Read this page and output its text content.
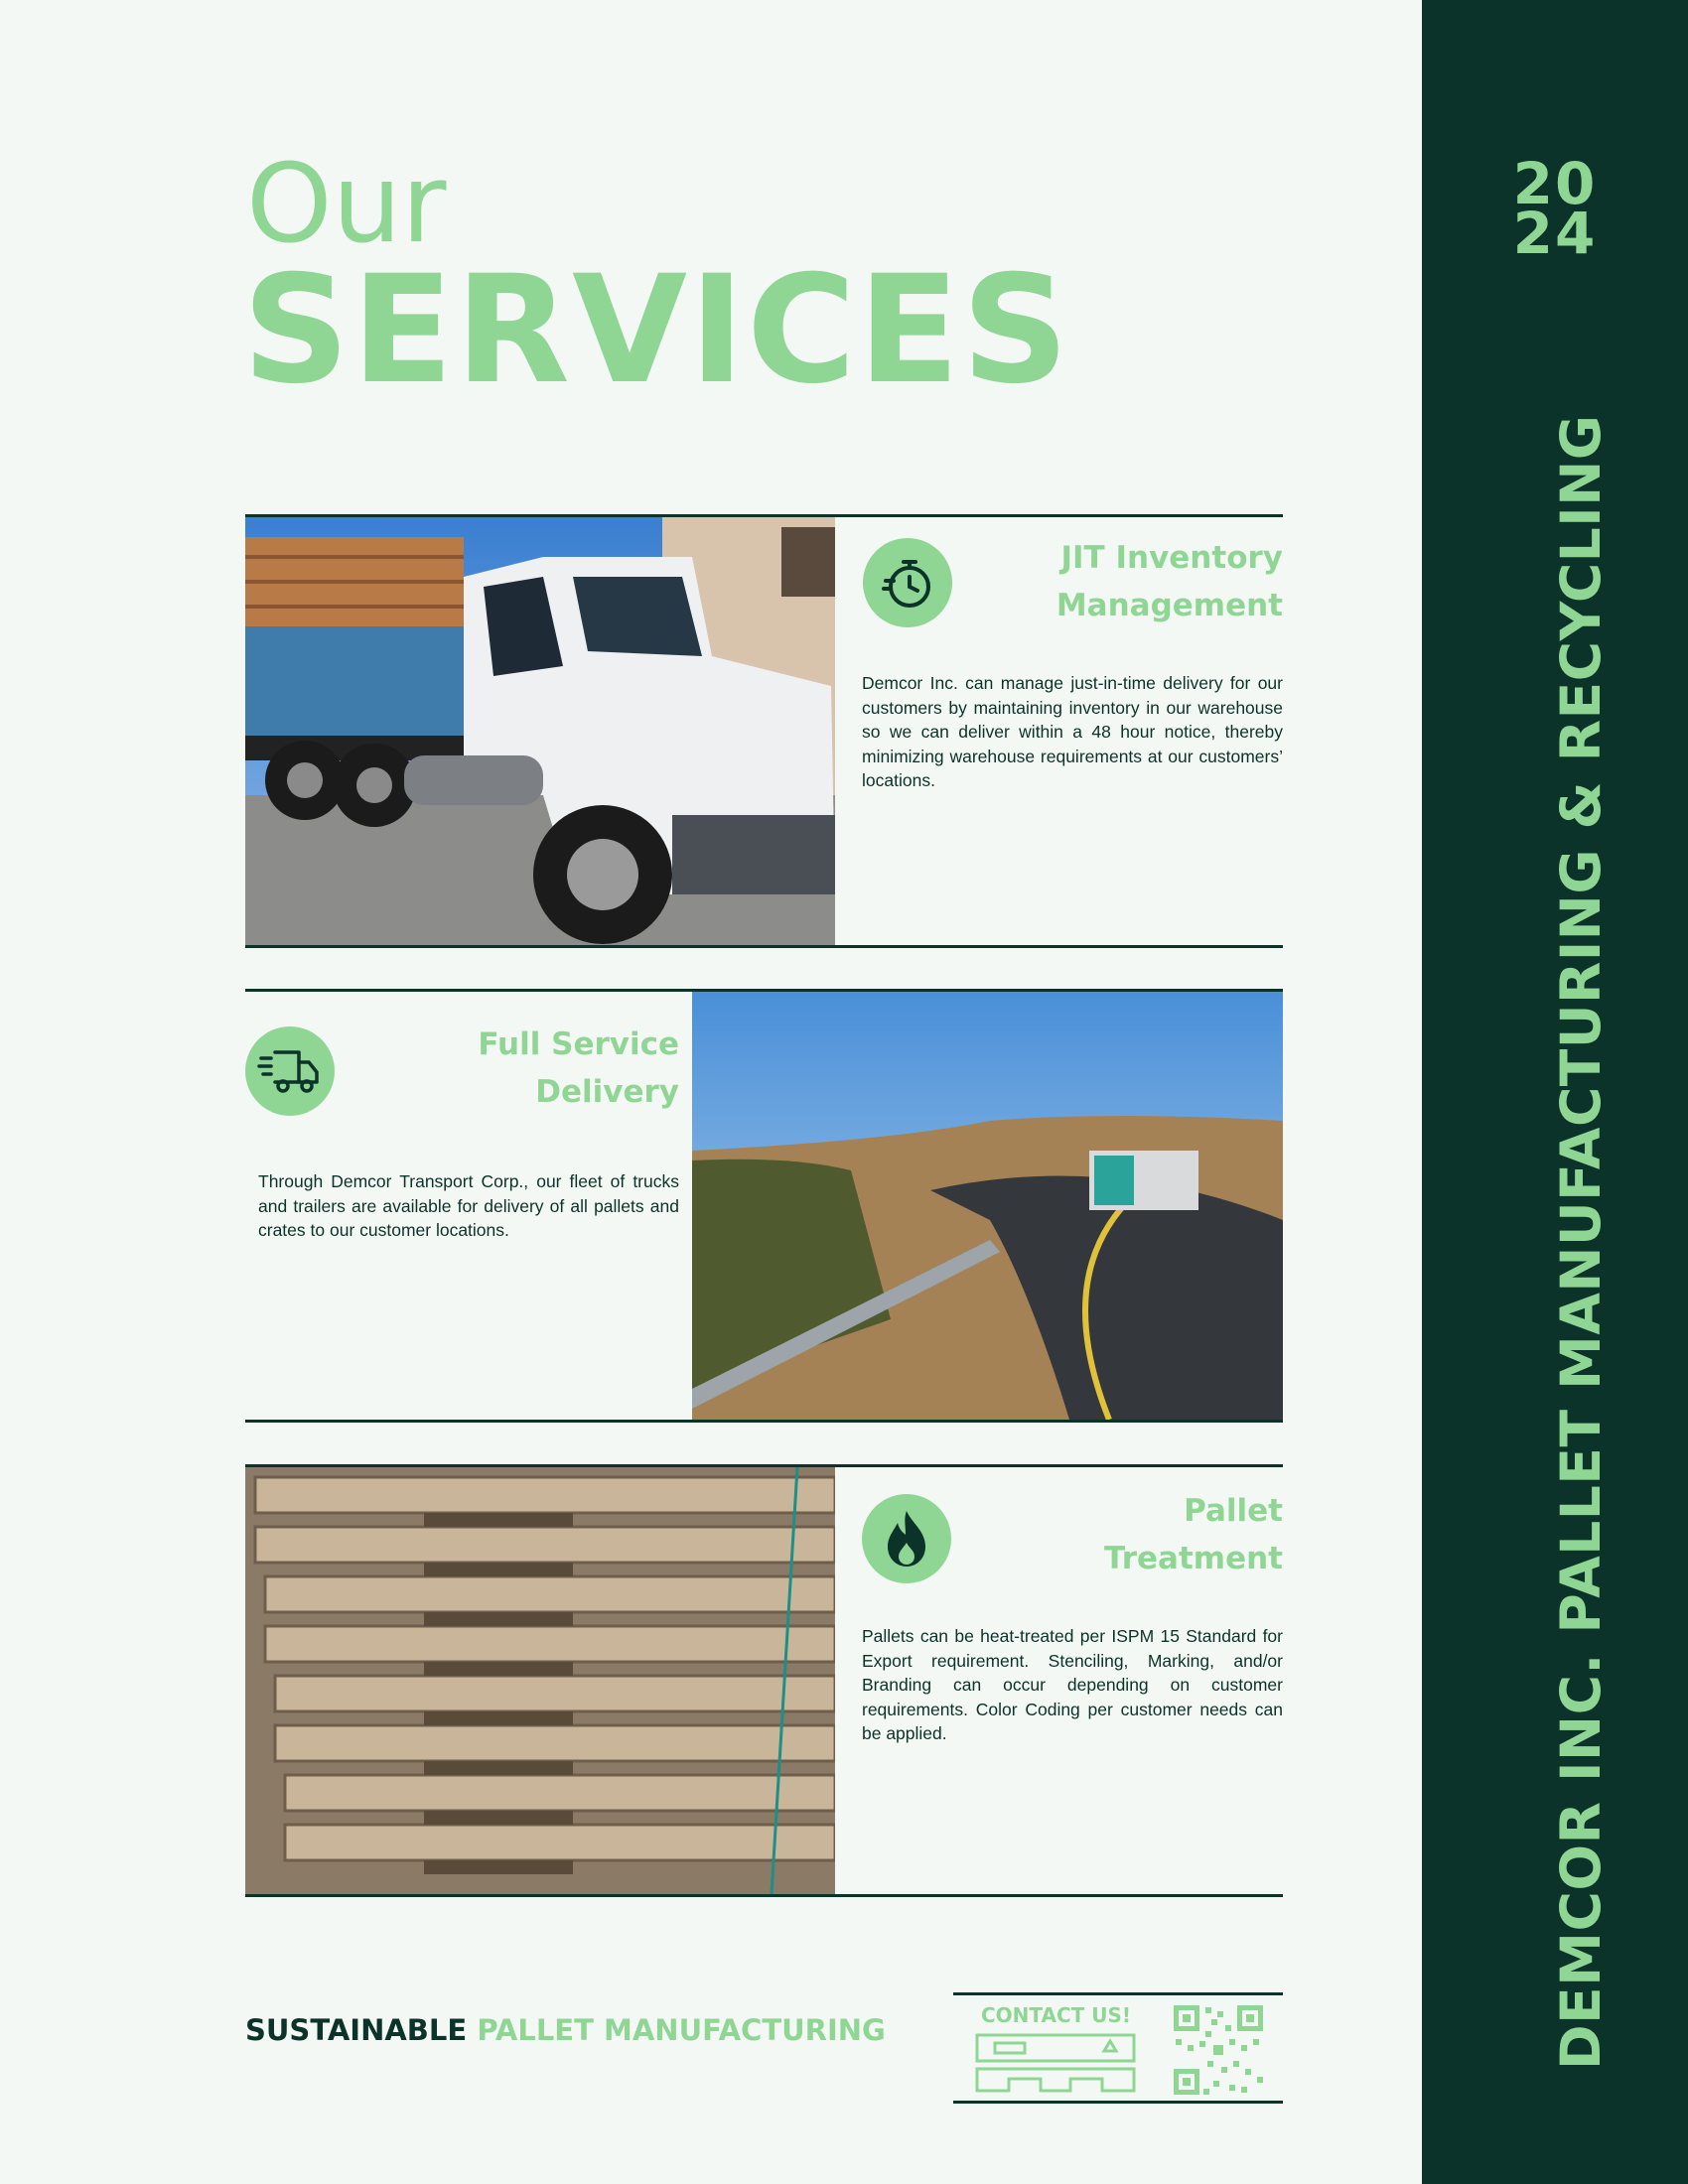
20
24
DEMCOR INC. PALLET MANUFACTURING & RECYCLING
Our
SERVICES
JIT Inventory
Management
Demcor Inc. can manage just-in-time delivery for our customers by maintaining inventory in our warehouse so we can deliver within a 48 hour notice, thereby minimizing warehouse requirements at our customers’ locations.
Full Service
Delivery
Through Demcor Transport Corp., our fleet of trucks and trailers are available for delivery of all pallets and crates to our customer locations.
Pallet
Treatment
Pallets can be heat-treated per ISPM 15 Standard for Export requirement. Stenciling, Marking, and/or Branding can occur depending on customer requirements. Color Coding per customer needs can be applied.
SUSTAINABLE PALLET MANUFACTURING	CONTACT US!
